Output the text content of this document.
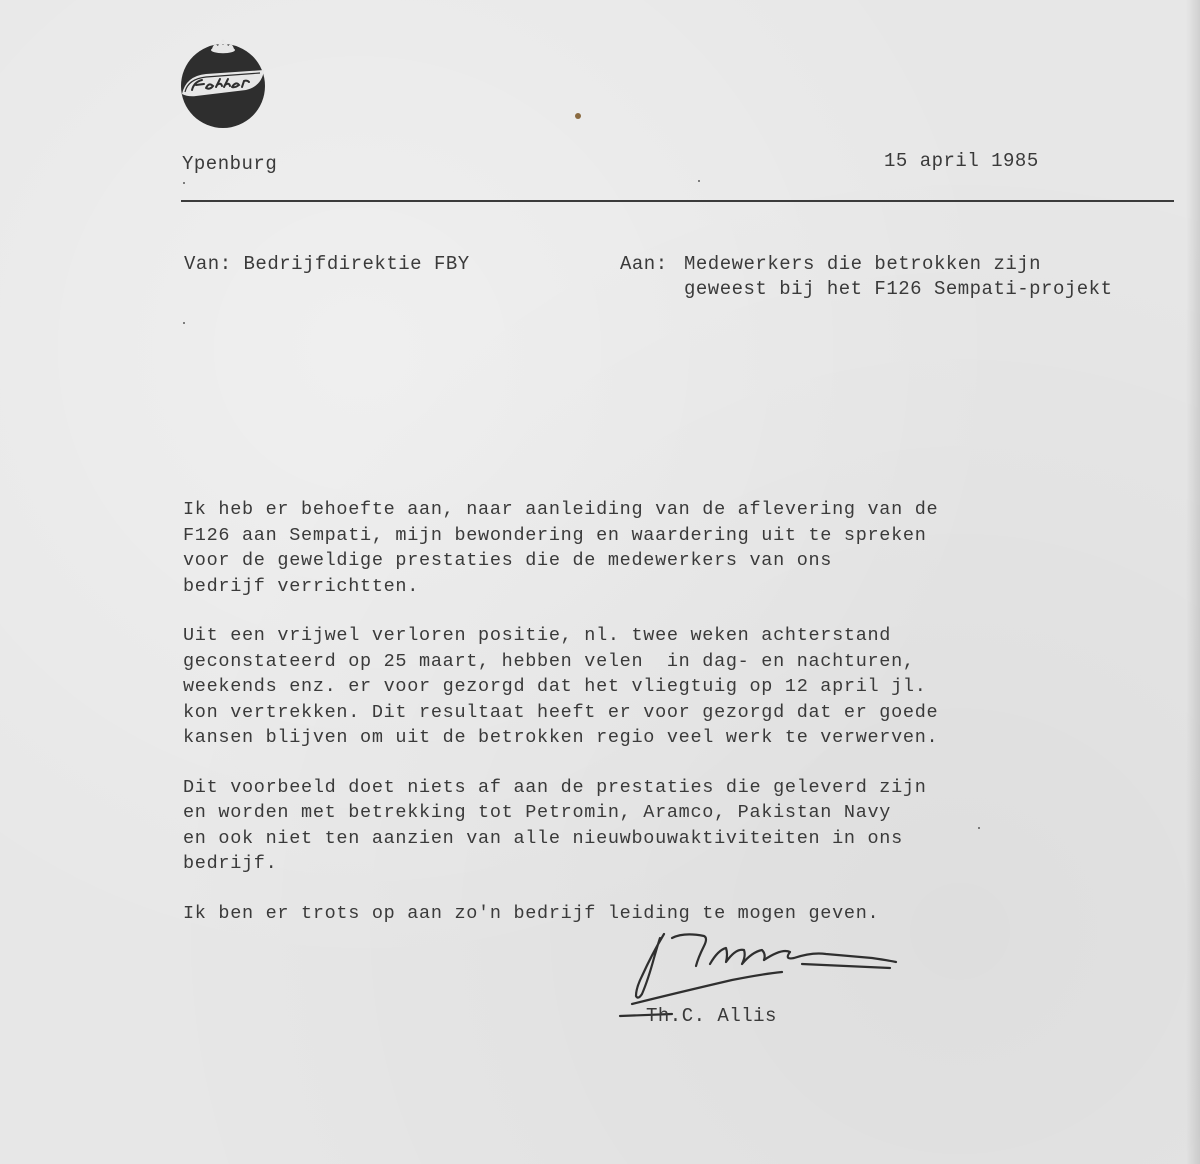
Ypenburg	15 april 1985
Van: Bedrijfdirektie FBY	Aan: Medewerkers die betrokken zijn
geweest bij het F126 Sempati-projekt

Ik heb er behoefte aan, naar aanleiding van de aflevering van de
F126 aan Sempati, mijn bewondering en waardering uit te spreken
voor de geweldige prestaties die de medewerkers van ons
bedrijf verrichtten.

Uit een vrijwel verloren positie, nl. twee weken achterstand
geconstateerd op 25 maart, hebben velen  in dag- en nachturen,
weekends enz. er voor gezorgd dat het vliegtuig op 12 april jl.
kon vertrekken. Dit resultaat heeft er voor gezorgd dat er goede
kansen blijven om uit de betrokken regio veel werk te verwerven.

Dit voorbeeld doet niets af aan de prestaties die geleverd zijn
en worden met betrekking tot Petromin, Aramco, Pakistan Navy
en ook niet ten aanzien van alle nieuwbouwaktiviteiten in ons
bedrijf.

Ik ben er trots op aan zo'n bedrijf leiding te mogen geven.

Th.C. Allis
